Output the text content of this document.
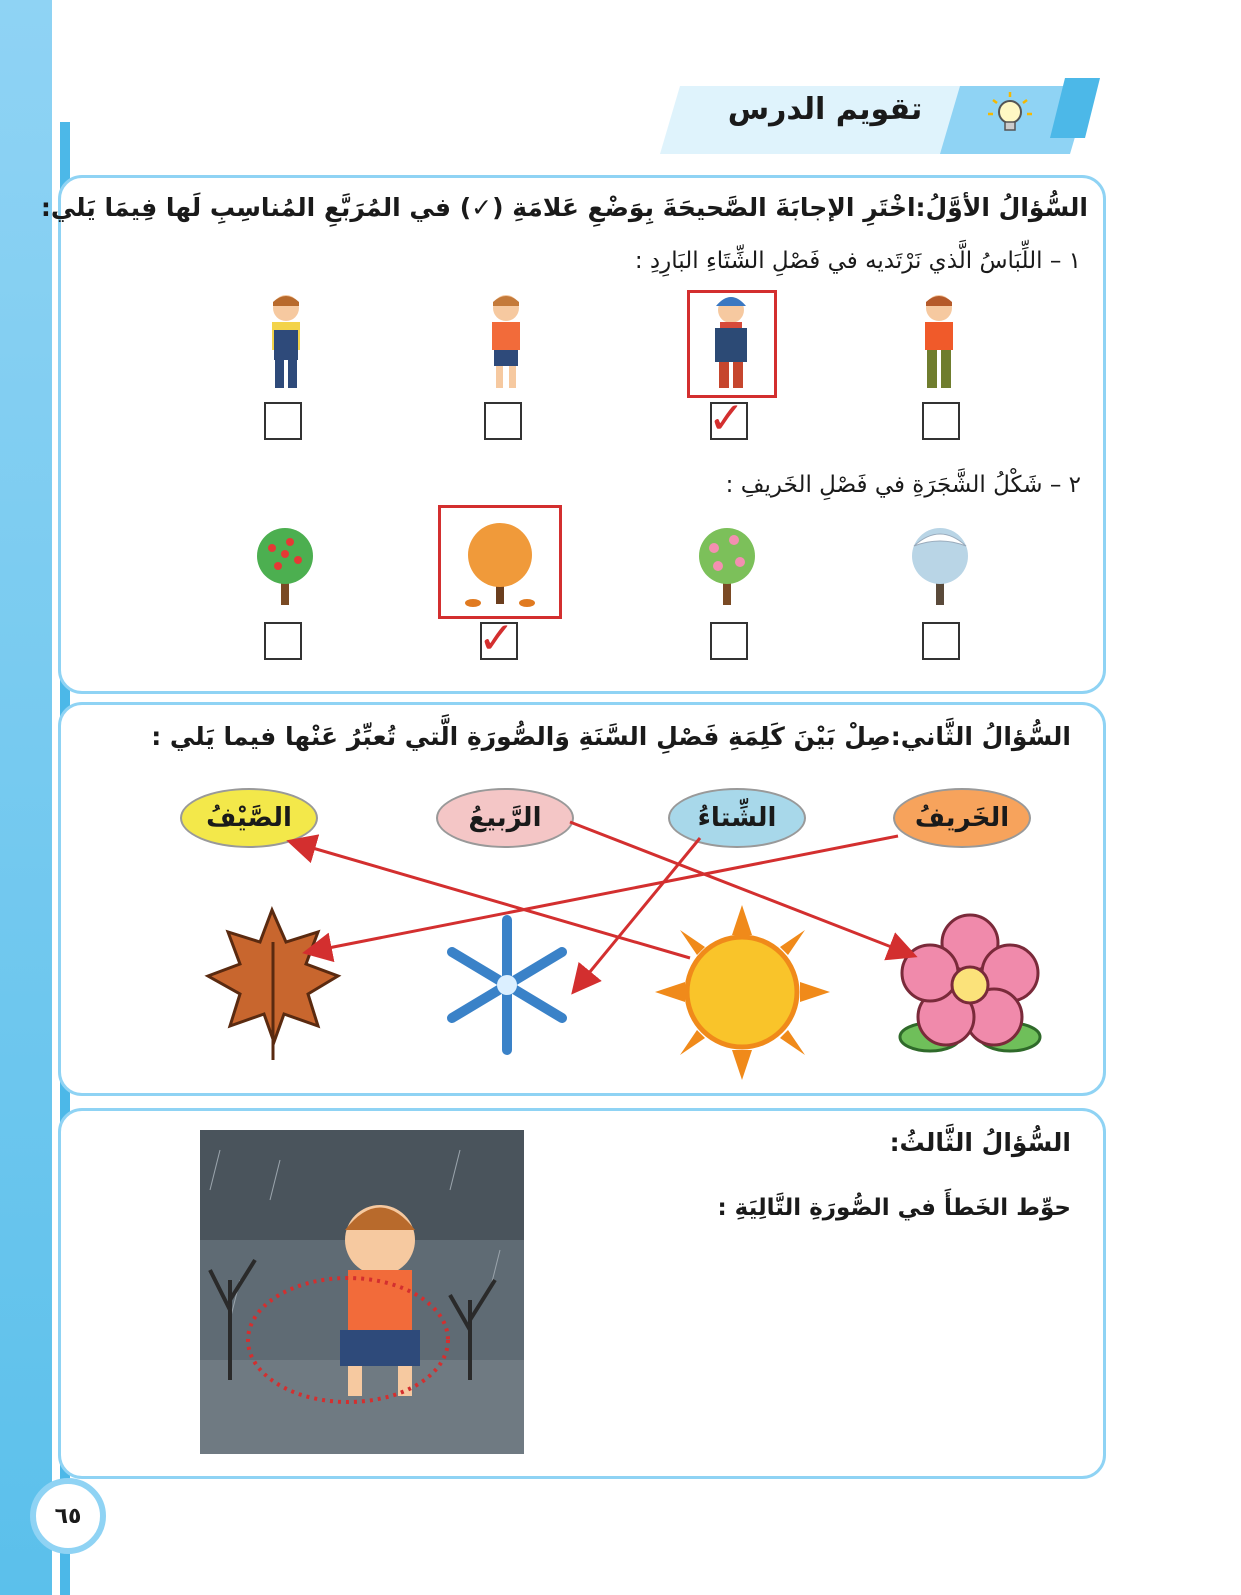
تقويم الدرس
السُّؤالُ الأوَّلُ:اخْتَرِ الإجابَةَ الصَّحيحَةَ بِوَضْعِ عَلامَةِ (✓) في المُرَبَّعِ المُناسِبِ لَها فِيمَا يَلي:
١ – اللِّبَاسُ الَّذي نَرْتَديه في فَصْلِ الشِّتَاءِ البَارِدِ :
✓
٢ – شَكْلُ الشَّجَرَةِ في فَصْلِ الخَريفِ :
✓
السُّؤالُ الثَّاني:صِلْ بَيْنَ كَلِمَةِ فَصْلِ السَّنَةِ وَالصُّورَةِ الَّتي تُعبِّرُ عَنْها فيما يَلي :
الخَريفُ
الشِّتاءُ
الرَّبيعُ
الصَّيْفُ
السُّؤالُ الثَّالثُ:
حوِّط الخَطأَ في الصُّورَةِ التَّالِيَةِ :
٦٥
